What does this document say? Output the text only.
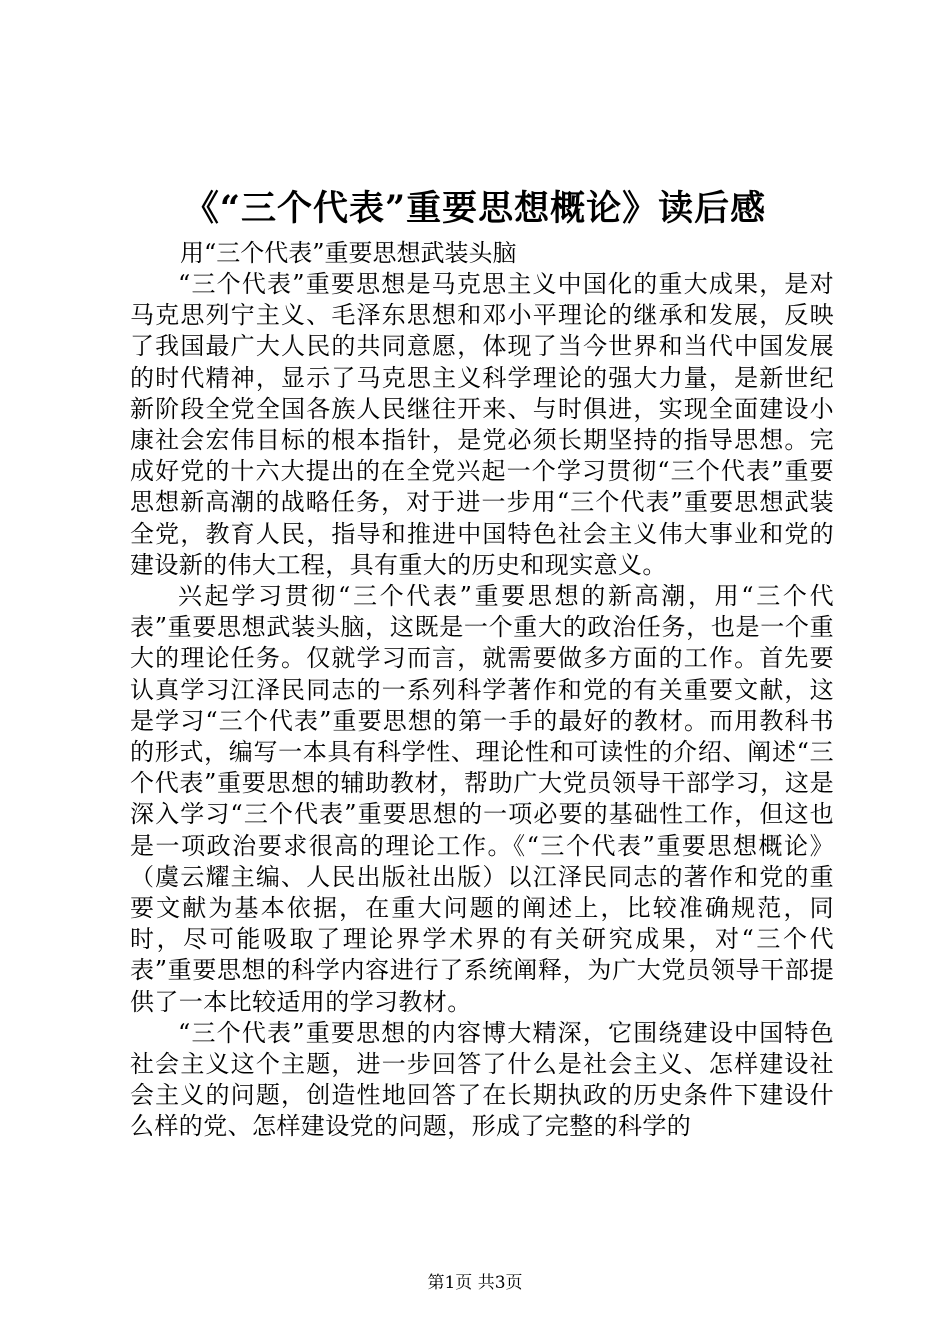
《“三个代表”重要思想概论》读后感

用“三个代表”重要思想武装头脑

“三个代表”重要思想是马克思主义中国化的重大成果，是对马克思列宁主义、毛泽东思想和邓小平理论的继承和发展，反映了我国最广大人民的共同意愿，体现了当今世界和当代中国发展的时代精神，显示了马克思主义科学理论的强大力量，是新世纪新阶段全党全国各族人民继往开来、与时俱进，实现全面建设小康社会宏伟目标的根本指针，是党必须长期坚持的指导思想。完成好党的十六大提出的在全党兴起一个学习贯彻“三个代表”重要思想新高潮的战略任务，对于进一步用“三个代表”重要思想武装全党，教育人民，指导和推进中国特色社会主义伟大事业和党的建设新的伟大工程，具有重大的历史和现实意义。

兴起学习贯彻“三个代表”重要思想的新高潮，用“三个代表”重要思想武装头脑，这既是一个重大的政治任务，也是一个重大的理论任务。仅就学习而言，就需要做多方面的工作。首先要认真学习江泽民同志的一系列科学著作和党的有关重要文献，这是学习“三个代表”重要思想的第一手的最好的教材。而用教科书的形式，编写一本具有科学性、理论性和可读性的介绍、阐述“三个代表”重要思想的辅助教材，帮助广大党员领导干部学习，这是深入学习“三个代表”重要思想的一项必要的基础性工作，但这也是一项政治要求很高的理论工作。《“三个代表”重要思想概论》（虞云耀主编、人民出版社出版）以江泽民同志的著作和党的重要文献为基本依据，在重大问题的阐述上，比较准确规范，同时，尽可能吸取了理论界学术界的有关研究成果，对“三个代表”重要思想的科学内容进行了系统阐释，为广大党员领导干部提供了一本比较适用的学习教材。

“三个代表”重要思想的内容博大精深，它围绕建设中国特色社会主义这个主题，进一步回答了什么是社会主义、怎样建设社会主义的问题，创造性地回答了在长期执政的历史条件下建设什么样的党、怎样建设党的问题，形成了完整的科学的

第1页 共3页
